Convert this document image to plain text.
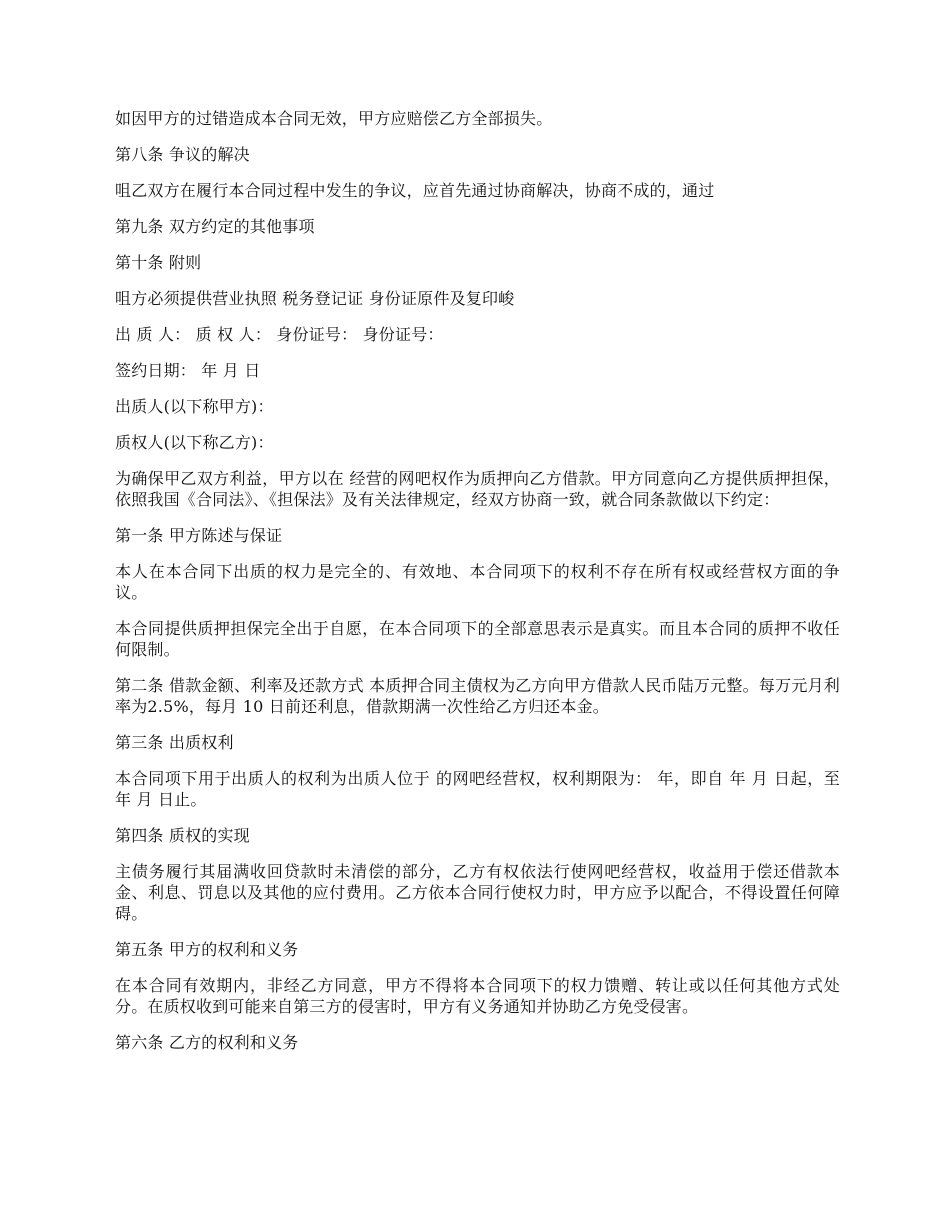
如因甲方的过错造成本合同无效，甲方应赔偿乙方全部损失。

第八条 争议的解决

咀乙双方在履行本合同过程中发生的争议，应首先通过协商解决，协商不成的，通过

第九条 双方约定的其他事项

第十条 附则

咀方必须提供营业执照 税务登记证 身份证原件及复印峻

出 质 人： 质 权 人： 身份证号： 身份证号：

签约日期： 年 月 日

出质人(以下称甲方)：

质权人(以下称乙方)：

为确保甲乙双方利益，甲方以在 经营的网吧权作为质押向乙方借款。甲方同意向乙方提供质押担保，依照我国《合同法》、《担保法》及有关法律规定，经双方协商一致，就合同条款做以下约定：

第一条 甲方陈述与保证

本人在本合同下出质的权力是完全的、有效地、本合同项下的权利不存在所有权或经营权方面的争议。

本合同提供质押担保完全出于自愿，在本合同项下的全部意思表示是真实。而且本合同的质押不收任何限制。

第二条 借款金额、利率及还款方式 本质押合同主债权为乙方向甲方借款人民币陆万元整。每万元月利率为2.5%，每月 10 日前还利息，借款期满一次性给乙方归还本金。

第三条 出质权利

本合同项下用于出质人的权利为出质人位于 的网吧经营权，权利期限为： 年，即自 年 月 日起，至 年 月 日止。

第四条 质权的实现

主债务履行其届满收回贷款时未清偿的部分，乙方有权依法行使网吧经营权，收益用于偿还借款本金、利息、罚息以及其他的应付费用。乙方依本合同行使权力时，甲方应予以配合，不得设置任何障碍。

第五条 甲方的权利和义务

在本合同有效期内，非经乙方同意，甲方不得将本合同项下的权力馈赠、转让或以任何其他方式处分。在质权收到可能来自第三方的侵害时，甲方有义务通知并协助乙方免受侵害。

第六条 乙方的权利和义务
